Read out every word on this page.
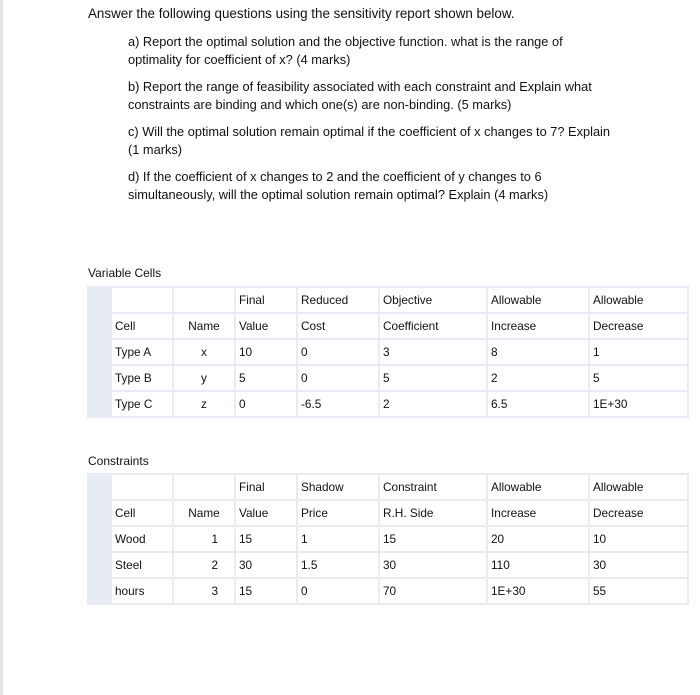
Answer the following questions using the sensitivity report shown below.
a) Report the optimal solution and the objective function. what is the range of
optimality for coefficient of x? (4 marks)
b) Report the range of feasibility associated with each constraint and Explain what
constraints are binding and which one(s) are non-binding. (5 marks)
c) Will the optimal solution remain optimal if the coefficient of x changes to 7? Explain
(1 marks)
d) If the coefficient of x changes to 2 and the coefficient of y changes to 6
simultaneously, will the optimal solution remain optimal? Explain (4 marks)
Variable Cells
			Final	Reduced	Objective	Allowable	Allowable
	Cell	Name	Value	Cost	Coefficient	Increase	Decrease
	Type A	x	10	0	3	8	1
	Type B	y	5	0	5	2	5
	Type C	z	0	-6.5	2	6.5	1E+30
Constraints
			Final	Shadow	Constraint	Allowable	Allowable
	Cell	Name	Value	Price	R.H. Side	Increase	Decrease
	Wood	1	15	1	15	20	10
	Steel	2	30	1.5	30	110	30
	hours	3	15	0	70	1E+30	55
